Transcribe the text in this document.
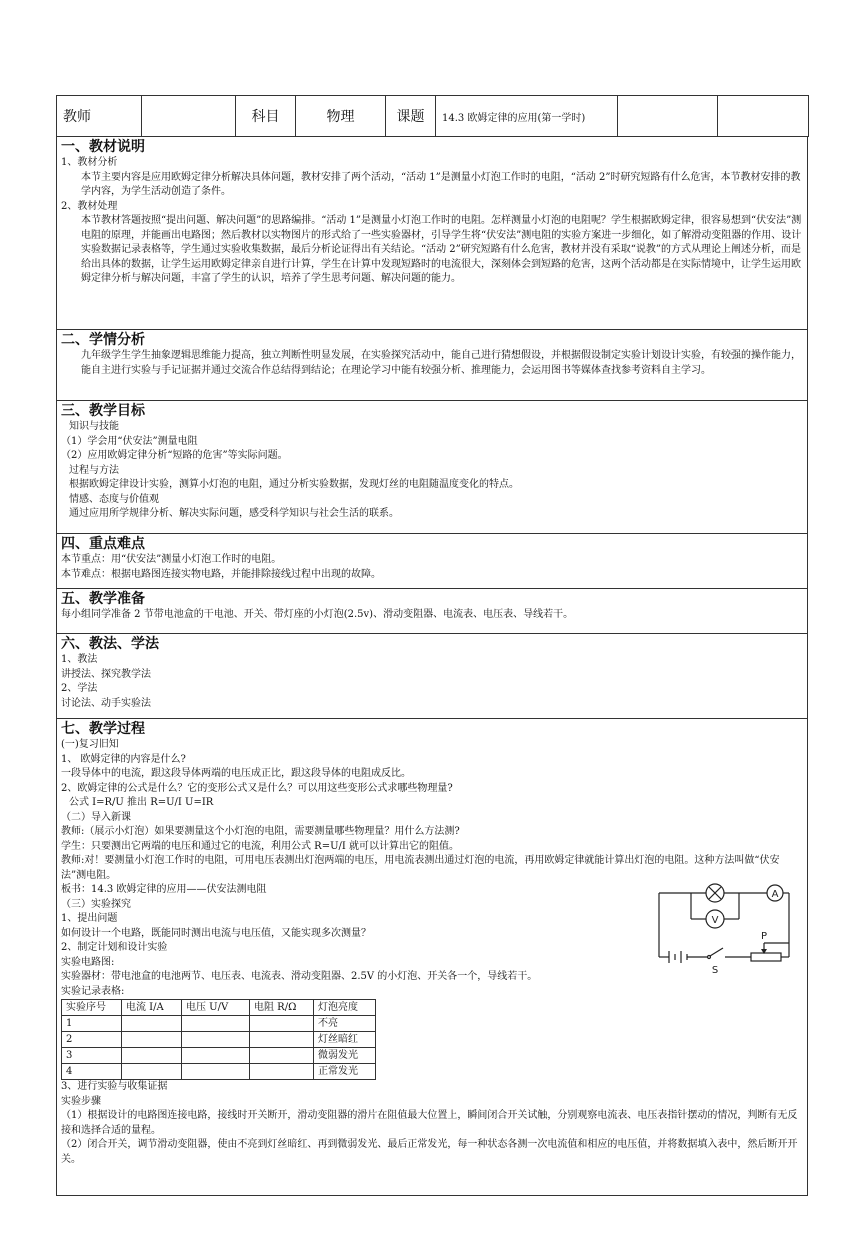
教师		科目	物理	课题	14.3 欧姆定律的应用(第一学时)		
一、教材说明

1、教材分析

本节主要内容是应用欧姆定律分析解决具体问题，教材安排了两个活动，“活动 1”是测量小灯泡工作时的电阻，“活动 2”时研究短路有什么危害，本节教材安排的教学内容，为学生活动创造了条件。

2、教材处理

本节教材答题按照“提出问题、解决问题”的思路编排。“活动 1”是测量小灯泡工作时的电阻。怎样测量小灯泡的电阻呢？学生根据欧姆定律，很容易想到“伏安法”测电阻的原理，并能画出电路图；然后教材以实物图片的形式给了一些实验器材，引导学生将“伏安法”测电阻的实验方案进一步细化，如了解滑动变阻器的作用、设计实验数据记录表格等，学生通过实验收集数据，最后分析论证得出有关结论。“活动 2”研究短路有什么危害，教材并没有采取“说教”的方式从理论上阐述分析，而是给出具体的数据，让学生运用欧姆定律亲自进行计算，学生在计算中发现短路时的电流很大，深刻体会到短路的危害，这两个活动都是在实际情境中，让学生运用欧姆定律分析与解决问题，丰富了学生的认识，培养了学生思考问题、解决问题的能力。

二、学情分析

九年级学生学生抽象逻辑思维能力提高，独立判断性明显发展，在实验探究活动中，能自己进行猜想假设，并根据假设制定实验计划设计实验，有较强的操作能力，能自主进行实验与手记证据并通过交流合作总结得到结论；在理论学习中能有较强分析、推理能力，会运用图书等媒体查找参考资料自主学习。

三、教学目标

知识与技能

（1）学会用“伏安法”测量电阻

（2）应用欧姆定律分析“短路的危害”等实际问题。

过程与方法

根据欧姆定律设计实验，测算小灯泡的电阻，通过分析实验数据，发现灯丝的电阻随温度变化的特点。

情感、态度与价值观

通过应用所学规律分析、解决实际问题，感受科学知识与社会生活的联系。

四、重点难点

本节重点：用“伏安法”测量小灯泡工作时的电阻。

本节难点：根据电路图连接实物电路，并能排除接线过程中出现的故障。

五、教学准备

每小组同学准备 2 节带电池盒的干电池、开关、带灯座的小灯泡(2.5v)、滑动变阻器、电流表、电压表、导线若干。

六、教法、学法

1、教法

讲授法、探究教学法

2、学法

讨论法、动手实验法

七、教学过程

(一)复习旧知

1、 欧姆定律的内容是什么?

一段导体中的电流，跟这段导体两端的电压成正比，跟这段导体的电阻成反比。

2、欧姆定律的公式是什么？它的变形公式又是什么？可以用这些变形公式求哪些物理量?

公式 I=R/U 推出 R=U/I U=IR

（二）导入新课

教师:（展示小灯泡）如果要测量这个小灯泡的电阻，需要测量哪些物理量？用什么方法测?

学生：只要测出它两端的电压和通过它的电流，利用公式 R=U/I 就可以计算出它的阻值。

教师:对！要测量小灯泡工作时的电阻，可用电压表测出灯泡两端的电压，用电流表测出通过灯泡的电流，再用欧姆定律就能计算出灯泡的电阻。这种方法叫做“伏安法”测电阻。

板书：14.3 欧姆定律的应用——伏安法测电阻

（三）实验探究

1、提出问题

如何设计一个电路，既能同时测出电流与电压值，又能实现多次测量？

2、制定计划和设计实验

实验电路图:

实验器材：带电池盒的电池两节、电压表、电流表、滑动变阻器、2.5V 的小灯泡、开关各一个，导线若干。

实验记录表格:

实验序号	电流 I/A	电压 U/V	电阻 R/Ω	灯泡亮度
1				不亮
2				灯丝暗红
3				微弱发光
4				正常发光

3、进行实验与收集证据

实验步骤

（1）根据设计的电路图连接电路，接线时开关断开，滑动变阻器的滑片在阻值最大位置上，瞬间闭合开关试触，分别观察电流表、电压表指针摆动的情况，判断有无反接和选择合适的量程。

（2）闭合开关，调节滑动变阻器，使由不亮到灯丝暗红、再到微弱发光、最后正常发光，每一种状态各测一次电流值和相应的电压值，并将数据填入表中，然后断开开关。

A
V
P
S
